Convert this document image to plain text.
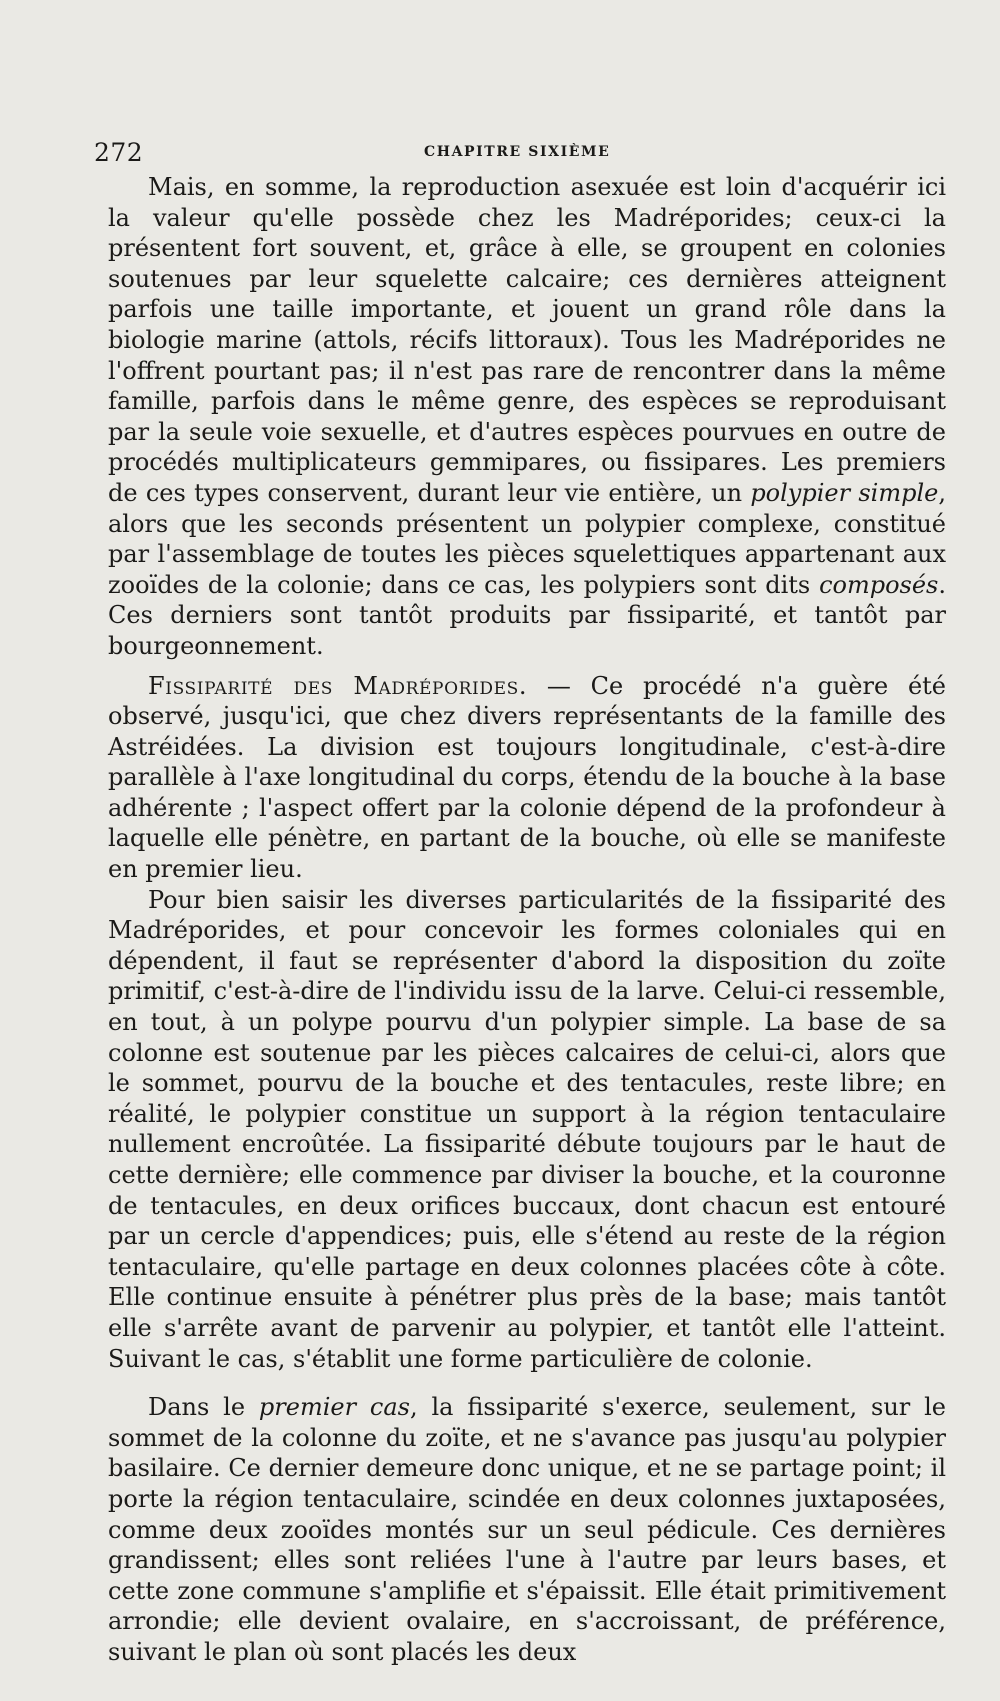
272	CHAPITRE SIXIÈME

Mais, en somme, la reproduction asexuée est loin d'acquérir ici la valeur qu'elle possède chez les Madréporides; ceux-ci la présentent fort souvent, et, grâce à elle, se groupent en colonies soutenues par leur squelette calcaire; ces dernières atteignent parfois une taille importante, et jouent un grand rôle dans la biologie marine (attols, récifs littoraux). Tous les Madréporides ne l'offrent pourtant pas; il n'est pas rare de rencontrer dans la même famille, parfois dans le même genre, des espèces se reproduisant par la seule voie sexuelle, et d'autres espèces pourvues en outre de procédés multiplicateurs gemmipares, ou fissipares. Les premiers de ces types conservent, durant leur vie entière, un polypier simple, alors que les seconds présentent un polypier complexe, constitué par l'assemblage de toutes les pièces squelettiques appartenant aux zooïdes de la colonie; dans ce cas, les polypiers sont dits composés. Ces derniers sont tantôt produits par fissiparité, et tantôt par bourgeonnement.

Fissiparité des Madréporides. — Ce procédé n'a guère été observé, jusqu'ici, que chez divers représentants de la famille des Astréidées. La division est toujours longitudinale, c'est-à-dire parallèle à l'axe longitudinal du corps, étendu de la bouche à la base adhérente ; l'aspect offert par la colonie dépend de la profondeur à laquelle elle pénètre, en partant de la bouche, où elle se manifeste en premier lieu.

Pour bien saisir les diverses particularités de la fissiparité des Madréporides, et pour concevoir les formes coloniales qui en dépendent, il faut se représenter d'abord la disposition du zoïte primitif, c'est-à-dire de l'individu issu de la larve. Celui-ci ressemble, en tout, à un polype pourvu d'un polypier simple. La base de sa colonne est soutenue par les pièces calcaires de celui-ci, alors que le sommet, pourvu de la bouche et des tentacules, reste libre; en réalité, le polypier constitue un support à la région tentaculaire nullement encroûtée. La fissiparité débute toujours par le haut de cette dernière; elle commence par diviser la bouche, et la couronne de tentacules, en deux orifices buccaux, dont chacun est entouré par un cercle d'appendices; puis, elle s'étend au reste de la région tentaculaire, qu'elle partage en deux colonnes placées côte à côte. Elle continue ensuite à pénétrer plus près de la base; mais tantôt elle s'arrête avant de parvenir au polypier, et tantôt elle l'atteint. Suivant le cas, s'établit une forme particulière de colonie.

Dans le premier cas, la fissiparité s'exerce, seulement, sur le sommet de la colonne du zoïte, et ne s'avance pas jusqu'au polypier basilaire. Ce dernier demeure donc unique, et ne se partage point; il porte la région tentaculaire, scindée en deux colonnes juxtaposées, comme deux zooïdes montés sur un seul pédicule. Ces dernières grandissent; elles sont reliées l'une à l'autre par leurs bases, et cette zone commune s'amplifie et s'épaissit. Elle était primitivement arrondie; elle devient ovalaire, en s'accroissant, de préférence, suivant le plan où sont placés les deux
